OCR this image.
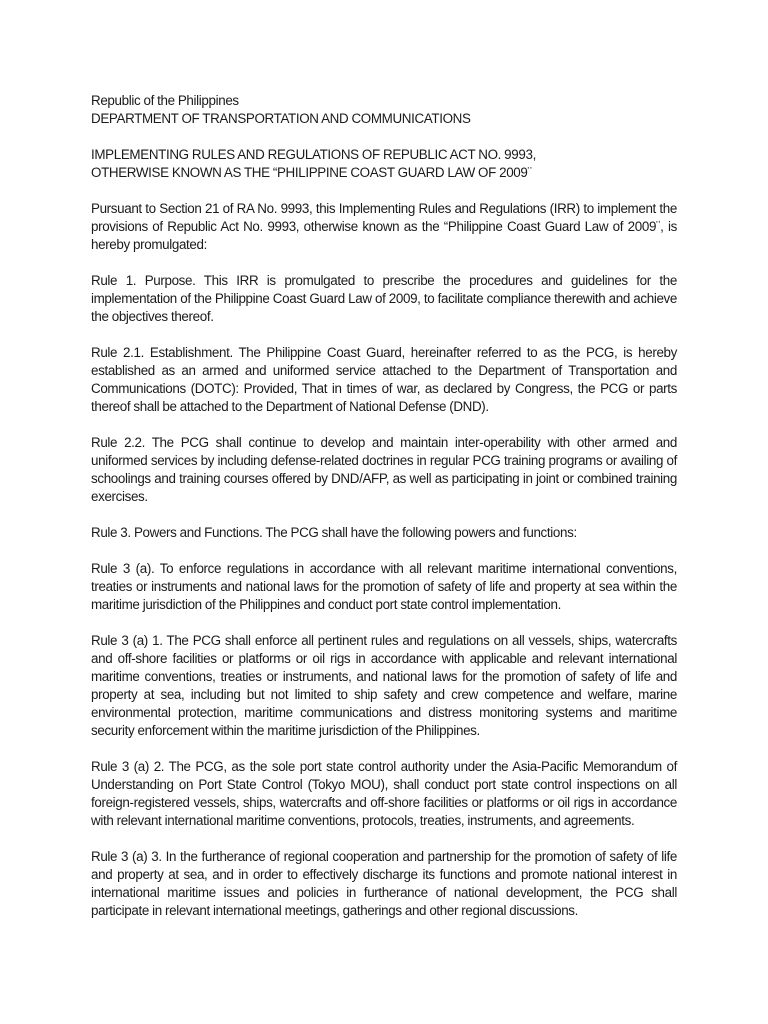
Republic of the Philippines
DEPARTMENT OF TRANSPORTATION AND COMMUNICATIONS
IMPLEMENTING RULES AND REGULATIONS OF REPUBLIC ACT NO. 9993,
OTHERWISE KNOWN AS THE “PHILIPPINE COAST GUARD LAW OF 2009¨

Pursuant to Section 21 of RA No. 9993, this Implementing Rules and Regulations (IRR) to implement the provisions of Republic Act No. 9993, otherwise known as the “Philippine Coast Guard Law of 2009¨, is hereby promulgated:

Rule 1. Purpose. This IRR is promulgated to prescribe the procedures and guidelines for the implementation of the Philippine Coast Guard Law of 2009, to facilitate compliance therewith and achieve the objectives thereof.

Rule 2.1. Establishment. The Philippine Coast Guard, hereinafter referred to as the PCG, is hereby established as an armed and uniformed service attached to the Department of Transportation and Communications (DOTC): Provided, That in times of war, as declared by Congress, the PCG or parts thereof shall be attached to the Department of National Defense (DND).

Rule 2.2. The PCG shall continue to develop and maintain inter-operability with other armed and uniformed services by including defense-related doctrines in regular PCG training programs or availing of schoolings and training courses offered by DND/AFP, as well as participating in joint or combined training exercises.

Rule 3. Powers and Functions. The PCG shall have the following powers and functions:

Rule 3 (a). To enforce regulations in accordance with all relevant maritime international conventions, treaties or instruments and national laws for the promotion of safety of life and property at sea within the maritime jurisdiction of the Philippines and conduct port state control implementation.

Rule 3 (a) 1. The PCG shall enforce all pertinent rules and regulations on all vessels, ships, watercrafts and off-shore facilities or platforms or oil rigs in accordance with applicable and relevant international maritime conventions, treaties or instruments, and national laws for the promotion of safety of life and property at sea, including but not limited to ship safety and crew competence and welfare, marine environmental protection, maritime communications and distress monitoring systems and maritime security enforcement within the maritime jurisdiction of the Philippines.

Rule 3 (a) 2. The PCG, as the sole port state control authority under the Asia-Pacific Memorandum of Understanding on Port State Control (Tokyo MOU), shall conduct port state control inspections on all foreign-registered vessels, ships, watercrafts and off-shore facilities or platforms or oil rigs in accordance with relevant international maritime conventions, protocols, treaties, instruments, and agreements.

Rule 3 (a) 3. In the furtherance of regional cooperation and partnership for the promotion of safety of life and property at sea, and in order to effectively discharge its functions and promote national interest in international maritime issues and policies in furtherance of national development, the PCG shall participate in relevant international meetings, gatherings and other regional discussions.
